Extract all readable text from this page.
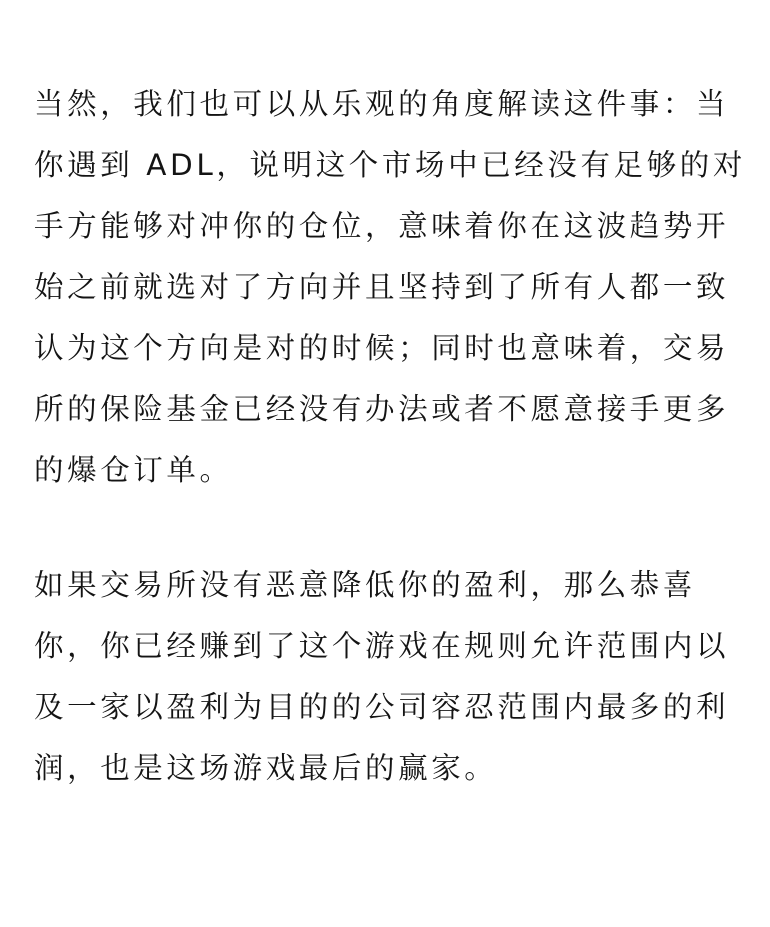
当然，我们也可以从乐观的角度解读这件事：当
你遇到 ADL，说明这个市场中已经没有足够的对
手方能够对冲你的仓位，意味着你在这波趋势开
始之前就选对了方向并且坚持到了所有人都一致
认为这个方向是对的时候；同时也意味着，交易
所的保险基金已经没有办法或者不愿意接手更多
的爆仓订单。

如果交易所没有恶意降低你的盈利，那么恭喜
你，你已经赚到了这个游戏在规则允许范围内以
及一家以盈利为目的的公司容忍范围内最多的利
润，也是这场游戏最后的赢家。
